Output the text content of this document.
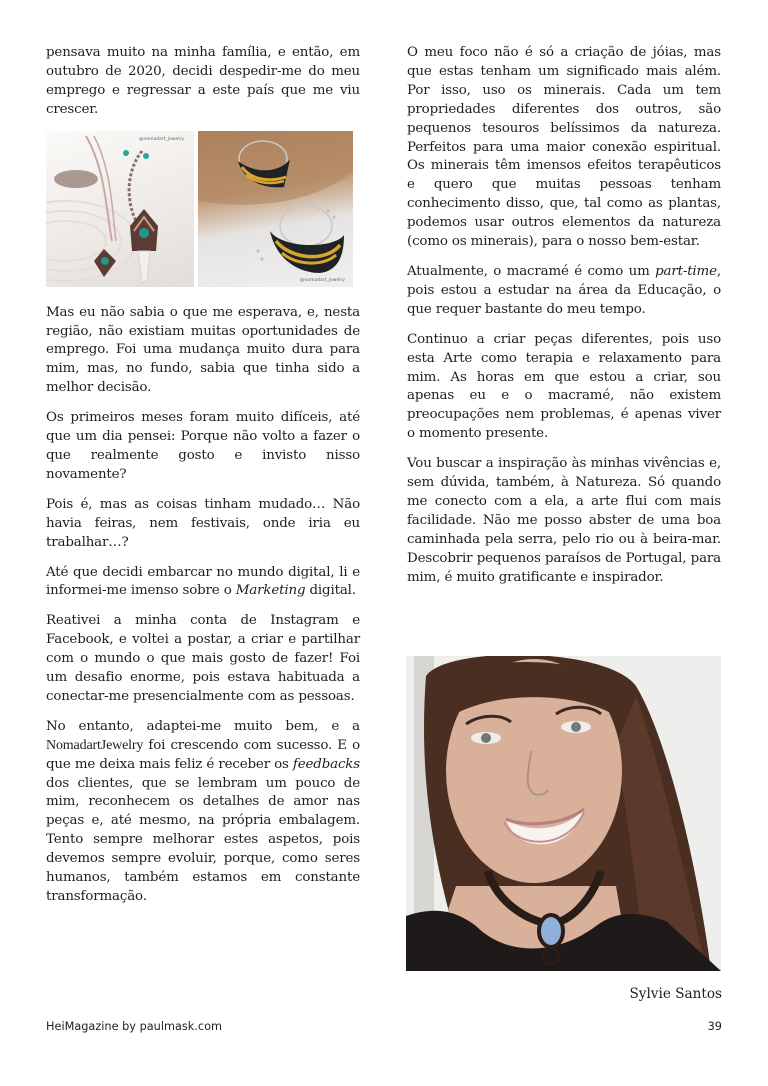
pensava muito na minha família, e então, em outubro de 2020, decidi despedir-me do meu emprego e regressar a este país que me viu crescer.

@nomadart_jewelry
@nomadart_jewelry

Mas eu não sabia o que me esperava, e, nesta região, não existiam muitas oportunidades de emprego. Foi uma mudança muito dura para mim, mas, no fundo, sabia que tinha sido a melhor decisão.

Os primeiros meses foram muito difíceis, até que um dia pensei: Porque não volto a fazer o que realmente gosto e invisto nisso novamente?

Pois é, mas as coisas tinham mudado… Não havia feiras, nem festivais, onde iria eu trabalhar…?

Até que decidi embarcar no mundo digital, li e informei-me imenso sobre o Marketing digital.

Reativei a minha conta de Instagram e Facebook, e voltei a postar, a criar e partilhar com o mundo o que mais gosto de fazer! Foi um desafio enorme, pois estava habituada a conectar-me presencialmente com as pessoas.

No entanto, adaptei-me muito bem, e a NomadartJewelry foi crescendo com sucesso. E o que me deixa mais feliz é receber os feedbacks dos clientes, que se lembram um pouco de mim, reconhecem os detalhes de amor nas peças e, até mesmo, na própria embalagem. Tento sempre melhorar estes aspetos, pois devemos sempre evoluir, porque, como seres humanos, também estamos em constante transformação.

O meu foco não é só a criação de jóias, mas que estas tenham um significado mais além. Por isso, uso os minerais. Cada um tem propriedades diferentes dos outros, são pequenos tesouros belíssimos da natureza. Perfeitos para uma maior conexão espiritual. Os minerais têm imensos efeitos terapêuticos e quero que muitas pessoas tenham conhecimento disso, que, tal como as plantas, podemos usar outros elementos da natureza (como os minerais), para o nosso bem-estar.

Atualmente, o macramé é como um part-time, pois estou a estudar na área da Educação, o que requer bastante do meu tempo.

Continuo a criar peças diferentes, pois uso esta Arte como terapia e relaxamento para mim. As horas em que estou a criar, sou apenas eu e o macramé, não existem preocupações nem problemas, é apenas viver o momento presente.

Vou buscar a inspiração às minhas vivências e, sem dúvida, também, à Natureza. Só quando me conecto com a ela, a arte flui com mais facilidade. Não me posso abster de uma boa caminhada pela serra, pelo rio ou à beira-mar. Descobrir pequenos paraísos de Portugal, para mim, é muito gratificante e inspirador.

Sylvie Santos
HeiMagazine by paulmask.com	39
